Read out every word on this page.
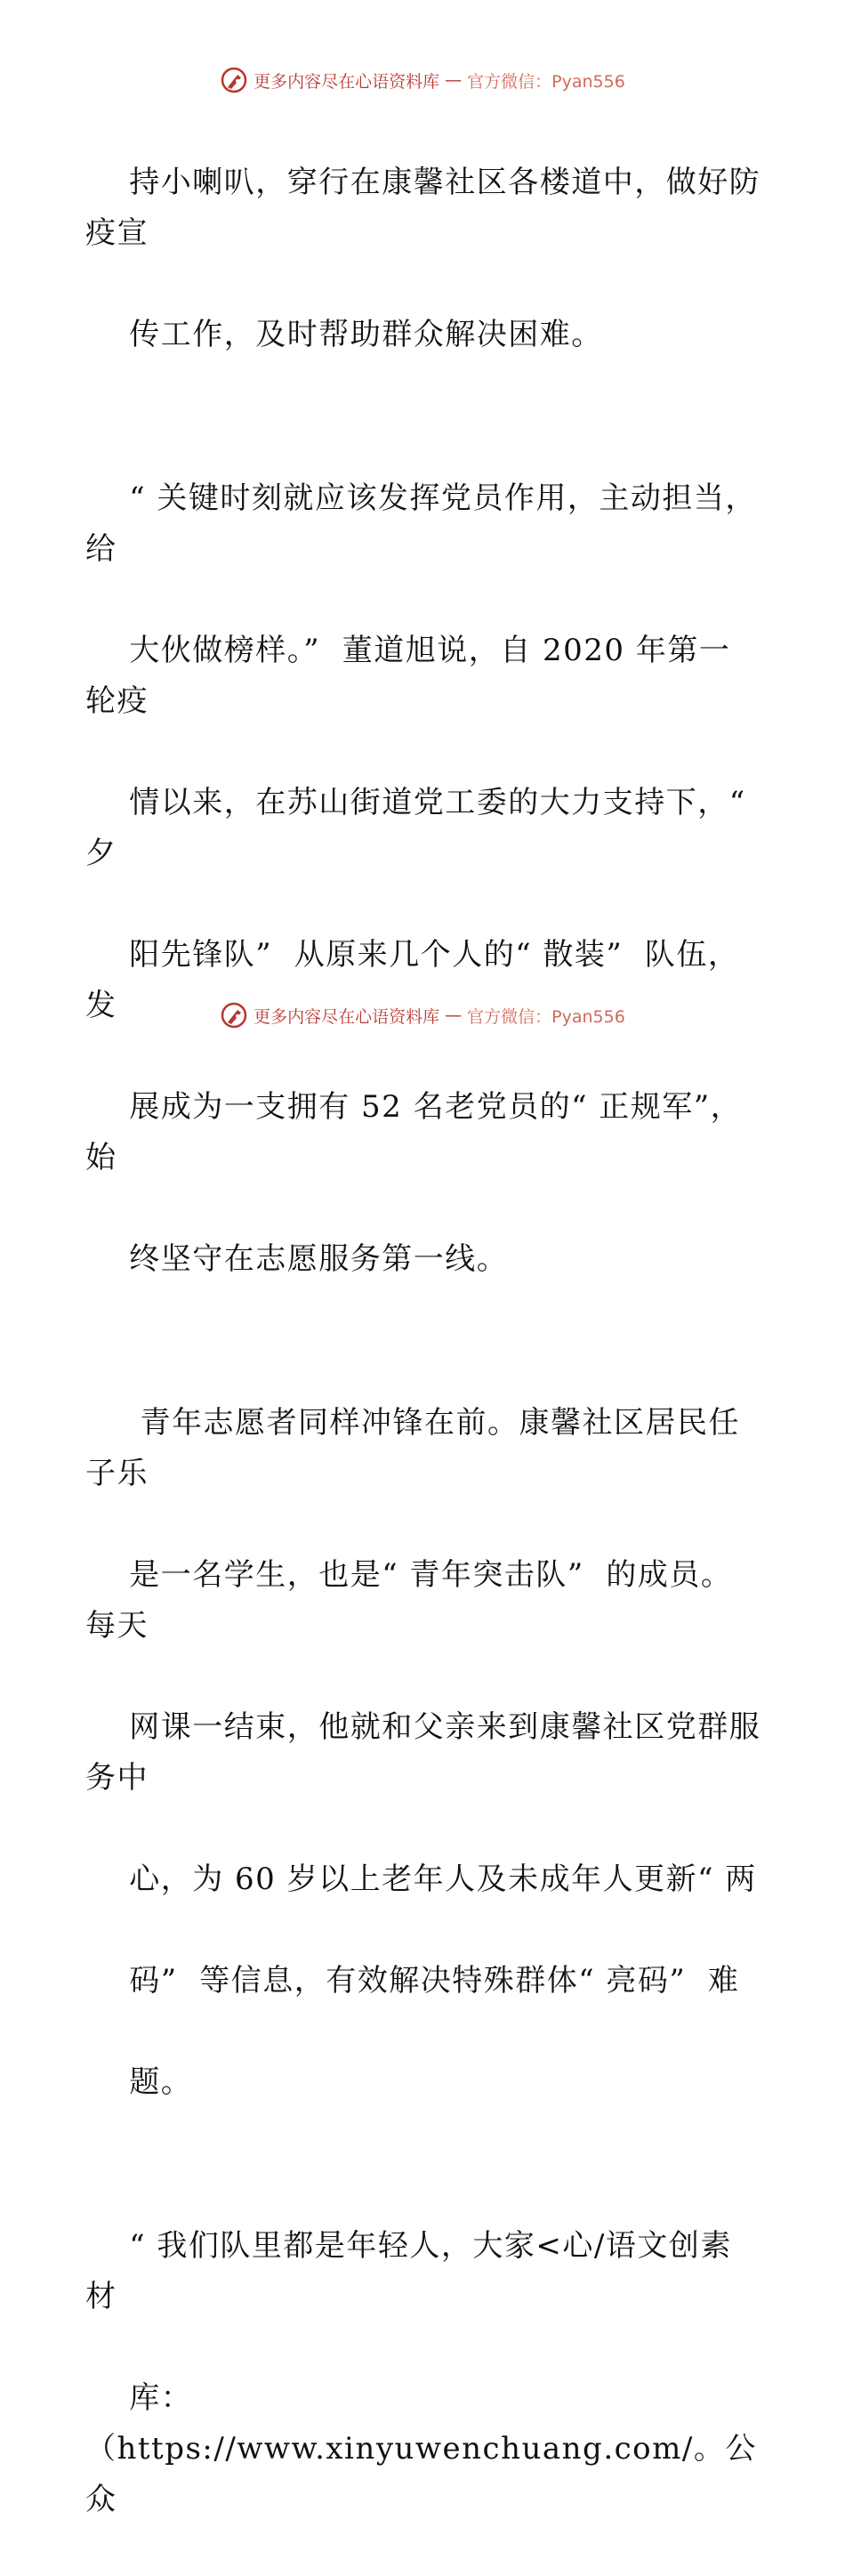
更多内容尽在心语资料库 — 官方微信：Pyan556

持小喇叭，穿行在康馨社区各楼道中，做好防疫宣

传工作，及时帮助群众解决困难。

“ 关键时刻就应该发挥党员作用，主动担当，给

大伙做榜样。”  董道旭说，自 2020 年第一轮疫

情以来，在苏山街道党工委的大力支持下，“ 夕

阳先锋队”  从原来几个人的“ 散装”  队伍，发

展成为一支拥有 52 名老党员的“ 正规军”，始

终坚守在志愿服务第一线。

青年志愿者同样冲锋在前。康馨社区居民任子乐

是一名学生，也是“ 青年突击队”  的成员。每天

网课一结束，他就和父亲来到康馨社区党群服务中

心，为 60 岁以上老年人及未成年人更新“ 两

码”  等信息，有效解决特殊群体“ 亮码”  难

题。

“ 我们队里都是年轻人，大家<心/语文创素材

库：（https://www.xinyuwenchuang.com/。公众

更多内容尽在心语资料库 — 官方微信：Pyan556
